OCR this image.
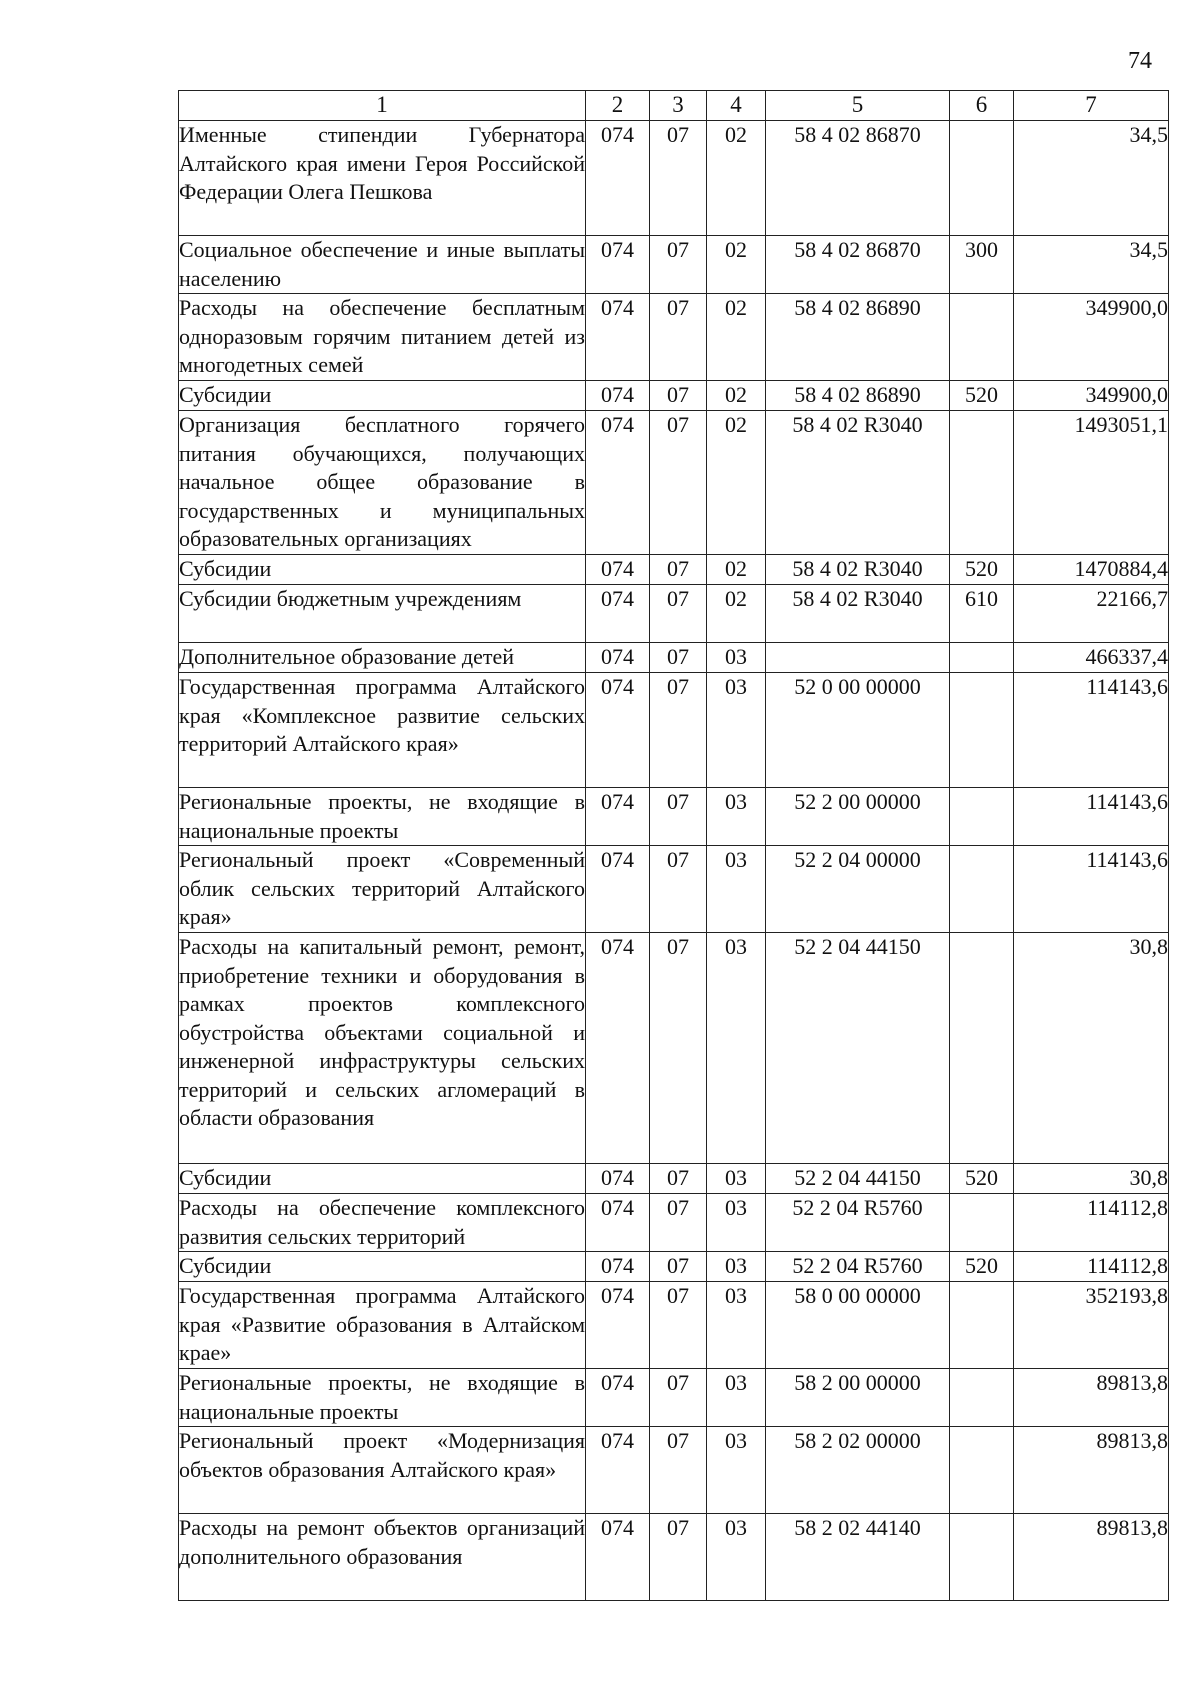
74
1	2	3	4	5	6	7
Именные стипендии Губернатора Алтайского края имени Героя Российской Федерации Олега Пешкова	074	07	02	58 4 02 86870		34,5
Социальное обеспечение и иные выплаты населению	074	07	02	58 4 02 86870	300	34,5
Расходы на обеспечение бесплатным одноразовым горячим питанием детей из многодетных семей	074	07	02	58 4 02 86890		349900,0
Субсидии	074	07	02	58 4 02 86890	520	349900,0
Организация бесплатного горячего питания обучающихся, получающих начальное общее образование в государственных и муниципальных образовательных организациях	074	07	02	58 4 02 R3040		1493051,1
Субсидии	074	07	02	58 4 02 R3040	520	1470884,4
Субсидии бюджетным учреждениям	074	07	02	58 4 02 R3040	610	22166,7
Дополнительное образование детей	074	07	03			466337,4
Государственная программа Алтайского края «Комплексное развитие сельских территорий Алтайского края»	074	07	03	52 0 00 00000		114143,6
Региональные проекты, не входящие в национальные проекты	074	07	03	52 2 00 00000		114143,6
Региональный проект «Современный облик сельских территорий Алтайского края»	074	07	03	52 2 04 00000		114143,6
Расходы на капитальный ремонт, ремонт, приобретение техники и оборудования в рамках проектов комплексного обустройства объектами социальной и инженерной инфраструктуры сельских территорий и сельских агломераций в области образования	074	07	03	52 2 04 44150		30,8
Субсидии	074	07	03	52 2 04 44150	520	30,8
Расходы на обеспечение комплексного развития сельских территорий	074	07	03	52 2 04 R5760		114112,8
Субсидии	074	07	03	52 2 04 R5760	520	114112,8
Государственная программа Алтайского края «Развитие образования в Алтайском крае»	074	07	03	58 0 00 00000		352193,8
Региональные проекты, не входящие в национальные проекты	074	07	03	58 2 00 00000		89813,8
Региональный проект «Модернизация объектов образования Алтайского края»	074	07	03	58 2 02 00000		89813,8
Расходы на ремонт объектов организаций дополнительного образования	074	07	03	58 2 02 44140		89813,8
